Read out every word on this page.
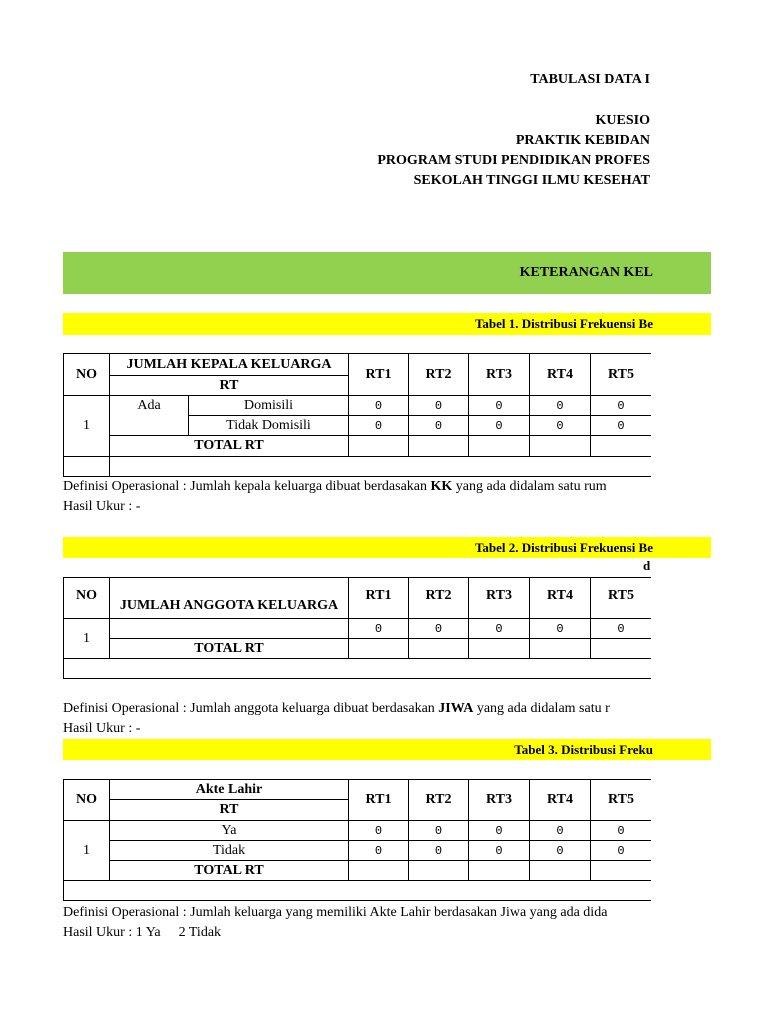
TABULASI DATA I
KUESIO
PRAKTIK KEBIDAN
PROGRAM STUDI PENDIDIKAN PROFES
SEKOLAH TINGGI ILMU KESEHAT
KETERANGAN KEL
Tabel 1. Distribusi Frekuensi Be
NO	JUMLAH KEPALA KELUARGA		RT1	RT2	RT3	RT4	RT5	
	RT							
1	Ada	Domisili	0	0	0	0	0	
		Tidak Domisili	0	0	0	0	0	
	TOTAL RT							

Definisi Operasional : Jumlah kepala keluarga dibuat berdasakan KK yang ada didalam satu rum
Hasil Ukur : -
Tabel 2. Distribusi Frekuensi Be
d
NO	JUMLAH ANGGOTA KELUARGA	RT1	RT2	RT3	RT4	RT5	
1		0	0	0	0	0	
	TOTAL RT						

Definisi Operasional : Jumlah anggota keluarga dibuat berdasakan JIWA yang ada didalam satu r
Hasil Ukur : -
Tabel 3. Distribusi Freku
NO	Akte Lahir	RT1	RT2	RT3	RT4	RT5	
	RT						
1	Ya	0	0	0	0	0	
	Tidak	0	0	0	0	0	
	TOTAL RT						

Definisi Operasional : Jumlah keluarga yang memiliki Akte Lahir berdasakan Jiwa yang ada dida
Hasil Ukur : 1 Ya 2 Tidak
